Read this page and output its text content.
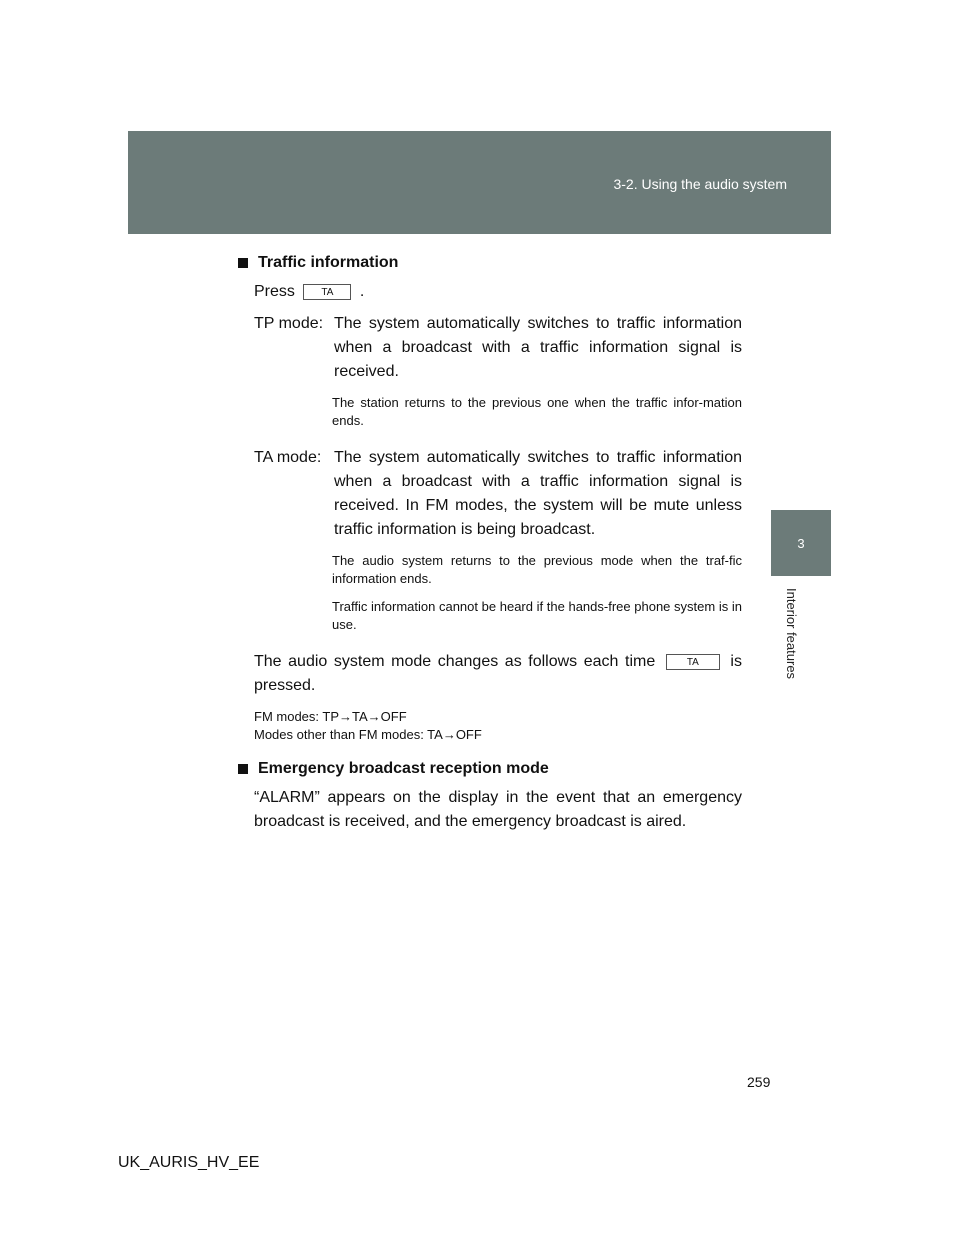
3-2. Using the audio system
3
Interior features
Traffic information
Press	TA .
TP mode: The system automatically switches to traffic information when a broadcast with a traffic information signal is received.
The station returns to the previous one when the traffic infor-mation ends.
TA mode: The system automatically switches to traffic information when a broadcast with a traffic information signal is received. In FM modes, the system will be mute unless traffic information is being broadcast.
The audio system returns to the previous mode when the traf-fic information ends.
Traffic information cannot be heard if the hands-free phone system is in use.
The audio system mode changes as follows each time	TA is pressed.
FM modes: TP→TA→OFF
Modes other than FM modes: TA→OFF
Emergency broadcast reception mode
“ALARM” appears on the display in the event that an emergency broadcast is received, and the emergency broadcast is aired.
259
UK_AURIS_HV_EE
